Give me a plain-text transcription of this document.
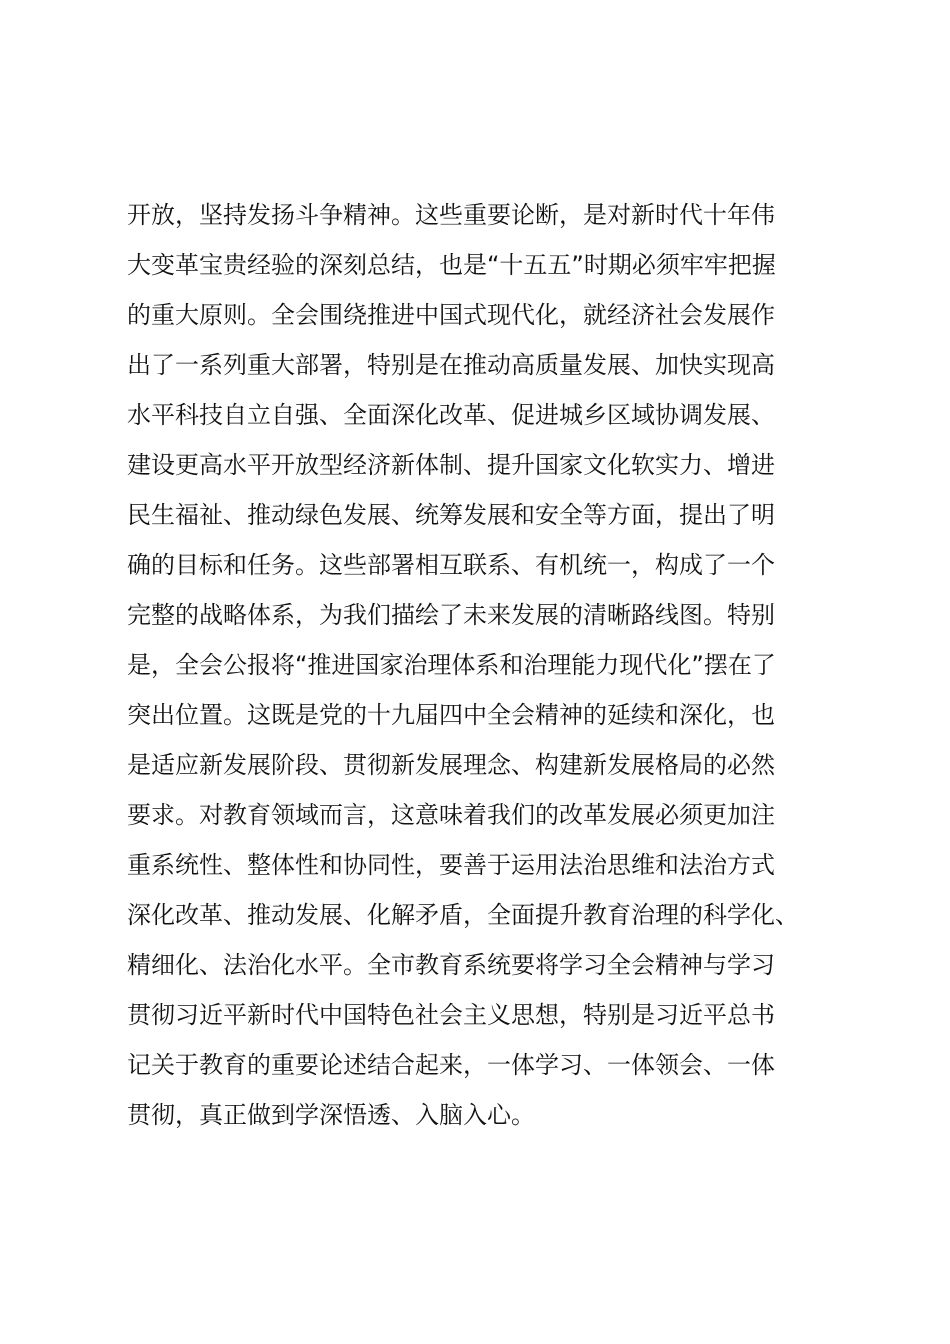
开放，坚持发扬斗争精神。这些重要论断，是对新时代十年伟
大变革宝贵经验的深刻总结，也是“十五五”时期必须牢牢把握
的重大原则。全会围绕推进中国式现代化，就经济社会发展作
出了一系列重大部署，特别是在推动高质量发展、加快实现高
水平科技自立自强、全面深化改革、促进城乡区域协调发展、
建设更高水平开放型经济新体制、提升国家文化软实力、增进
民生福祉、推动绿色发展、统筹发展和安全等方面，提出了明
确的目标和任务。这些部署相互联系、有机统一，构成了一个
完整的战略体系，为我们描绘了未来发展的清晰路线图。特别
是，全会公报将“推进国家治理体系和治理能力现代化”摆在了
突出位置。这既是党的十九届四中全会精神的延续和深化，也
是适应新发展阶段、贯彻新发展理念、构建新发展格局的必然
要求。对教育领域而言，这意味着我们的改革发展必须更加注
重系统性、整体性和协同性，要善于运用法治思维和法治方式
深化改革、推动发展、化解矛盾，全面提升教育治理的科学化、
精细化、法治化水平。全市教育系统要将学习全会精神与学习
贯彻习近平新时代中国特色社会主义思想，特别是习近平总书
记关于教育的重要论述结合起来，一体学习、一体领会、一体
贯彻，真正做到学深悟透、入脑入心。
